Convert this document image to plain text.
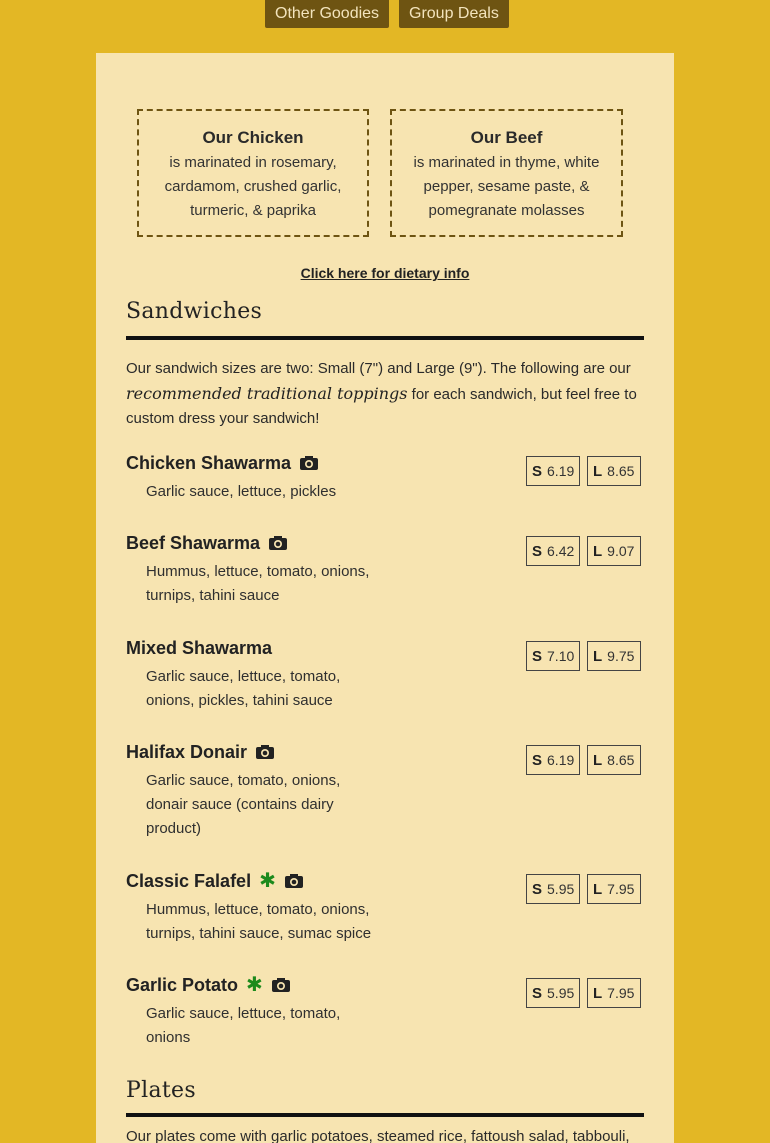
Other Goodies	Group Deals
Our Chicken

is marinated in rosemary, cardamom, crushed garlic, turmeric, & paprika

Our Beef

is marinated in thyme, white pepper, sesame paste, & pomegranate molasses

Click here for dietary info
Sandwiches
Our sandwich sizes are two: Small (7") and Large (9"). The following are our recommended traditional toppings for each sandwich, but feel free to custom dress your sandwich!
Chicken Shawarma
Garlic sauce, lettuce, pickles
S 6.19 L 8.65
Beef Shawarma
Hummus, lettuce, tomato, onions, turnips, tahini sauce
S 6.42 L 9.07
Mixed Shawarma
Garlic sauce, lettuce, tomato, onions, pickles, tahini sauce
S 7.10 L 9.75
Halifax Donair
Garlic sauce, tomato, onions, donair sauce (contains dairy product)
S 6.19 L 8.65
Classic Falafel ✱
Hummus, lettuce, tomato, onions, turnips, tahini sauce, sumac spice
S 5.95 L 7.95
Garlic Potato ✱
Garlic sauce, lettuce, tomato, onions
S 5.95 L 7.95
Plates
Our plates come with garlic potatoes, steamed rice, fattoush salad, tabbouli,
